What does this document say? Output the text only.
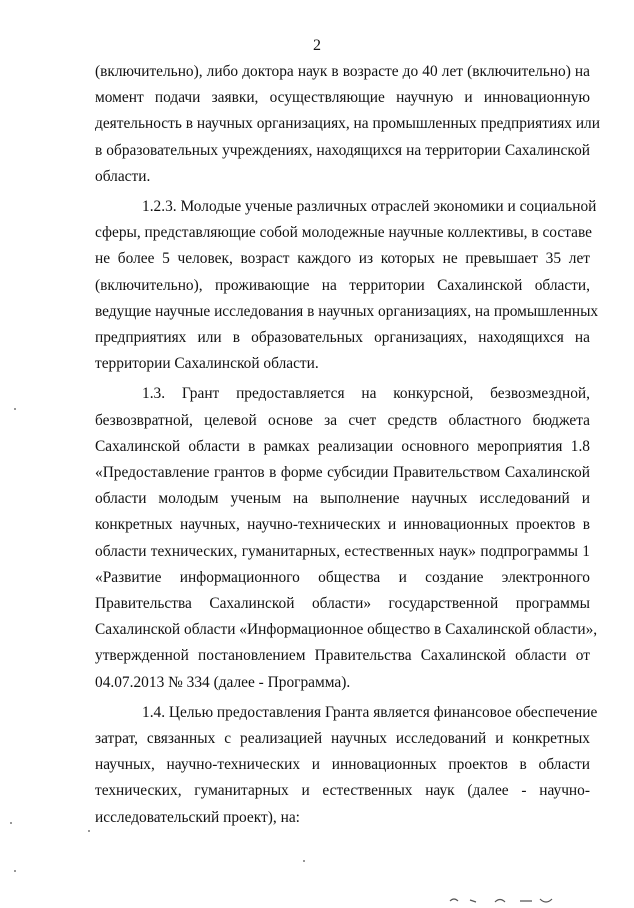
2

(включительно), либо доктора наук в возрасте до 40 лет (включительно) на
момент подачи заявки, осуществляющие научную и инновационную
деятельность в научных организациях, на промышленных предприятиях или
в образовательных учреждениях, находящихся на территории Сахалинской
области.

1.2.3. Молодые ученые различных отраслей экономики и социальной
сферы, представляющие собой молодежные научные коллективы, в составе
не более 5 человек, возраст каждого из которых не превышает 35 лет
(включительно), проживающие на территории Сахалинской области,
ведущие научные исследования в научных организациях, на промышленных
предприятиях или в образовательных организациях, находящихся на
территории Сахалинской области.

1.3. Грант предоставляется на конкурсной, безвозмездной,
безвозвратной, целевой основе за счет средств областного бюджета
Сахалинской области в рамках реализации основного мероприятия 1.8
«Предоставление грантов в форме субсидии Правительством Сахалинской
области молодым ученым на выполнение научных исследований и
конкретных научных, научно-технических и инновационных проектов в
области технических, гуманитарных, естественных наук» подпрограммы 1
«Развитие информационного общества и создание электронного
Правительства Сахалинской области» государственной программы
Сахалинской области «Информационное общество в Сахалинской области»,
утвержденной постановлением Правительства Сахалинской области от
04.07.2013 № 334 (далее - Программа).

1.4. Целью предоставления Гранта является финансовое обеспечение
затрат, связанных с реализацией научных исследований и конкретных
научных, научно-технических и инновационных проектов в области
технических, гуманитарных и естественных наук (далее - научно-
исследовательский проект), на:
